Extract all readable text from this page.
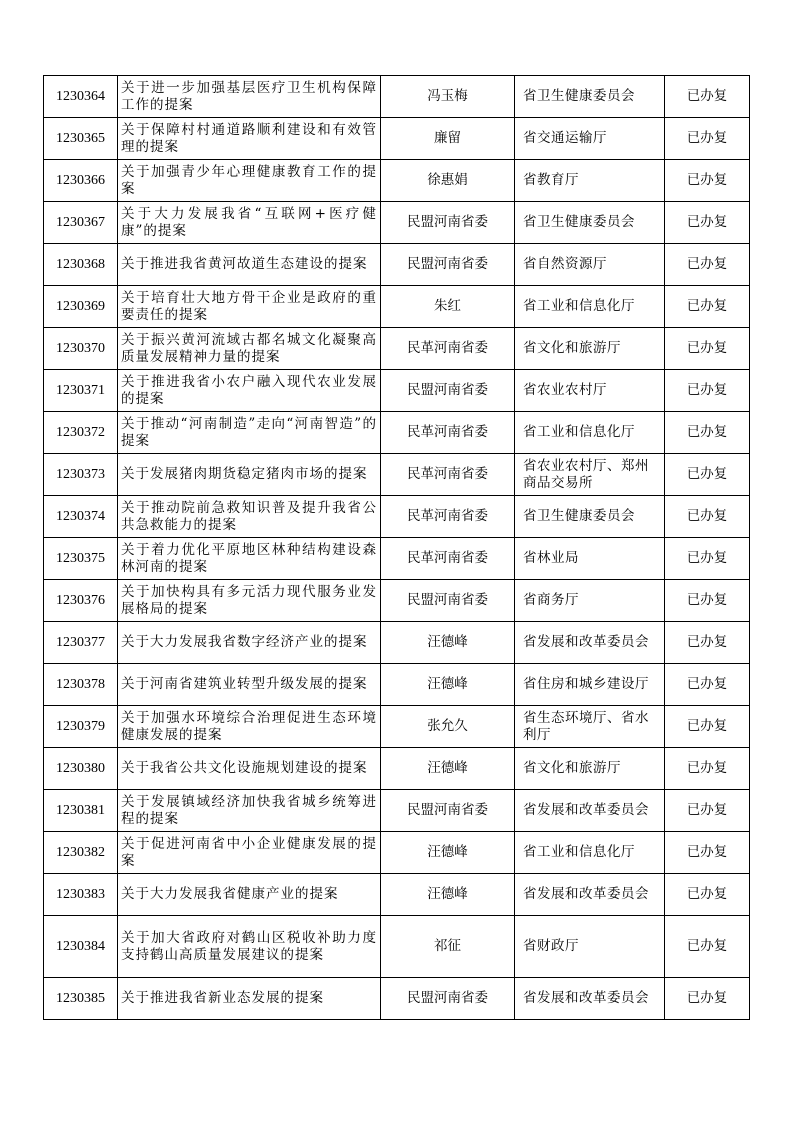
1230364	关于进一步加强基层医疗卫生机构保障工作的提案	冯玉梅	省卫生健康委员会	已办复
1230365	关于保障村村通道路顺利建设和有效管理的提案	廉留	省交通运输厅	已办复
1230366	关于加强青少年心理健康教育工作的提案	徐惠娟	省教育厅	已办复
1230367	关于大力发展我省“互联网+医疗健康”的提案	民盟河南省委	省卫生健康委员会	已办复
1230368	关于推进我省黄河故道生态建设的提案	民盟河南省委	省自然资源厅	已办复
1230369	关于培育壮大地方骨干企业是政府的重要责任的提案	朱红	省工业和信息化厅	已办复
1230370	关于振兴黄河流域古都名城文化凝聚高质量发展精神力量的提案	民革河南省委	省文化和旅游厅	已办复
1230371	关于推进我省小农户融入现代农业发展的提案	民盟河南省委	省农业农村厅	已办复
1230372	关于推动“河南制造”走向“河南智造”的提案	民革河南省委	省工业和信息化厅	已办复
1230373	关于发展猪肉期货稳定猪肉市场的提案	民革河南省委	省农业农村厅、郑州商品交易所	已办复
1230374	关于推动院前急救知识普及提升我省公共急救能力的提案	民革河南省委	省卫生健康委员会	已办复
1230375	关于着力优化平原地区林种结构建设森林河南的提案	民革河南省委	省林业局	已办复
1230376	关于加快构具有多元活力现代服务业发展格局的提案	民盟河南省委	省商务厅	已办复
1230377	关于大力发展我省数字经济产业的提案	汪德峰	省发展和改革委员会	已办复
1230378	关于河南省建筑业转型升级发展的提案	汪德峰	省住房和城乡建设厅	已办复
1230379	关于加强水环境综合治理促进生态环境健康发展的提案	张允久	省生态环境厅、省水利厅	已办复
1230380	关于我省公共文化设施规划建设的提案	汪德峰	省文化和旅游厅	已办复
1230381	关于发展镇域经济加快我省城乡统筹进程的提案	民盟河南省委	省发展和改革委员会	已办复
1230382	关于促进河南省中小企业健康发展的提案	汪德峰	省工业和信息化厅	已办复
1230383	关于大力发展我省健康产业的提案	汪德峰	省发展和改革委员会	已办复
1230384	关于加大省政府对鹤山区税收补助力度支持鹤山高质量发展建议的提案	祁征	省财政厅	已办复
1230385	关于推进我省新业态发展的提案	民盟河南省委	省发展和改革委员会	已办复
